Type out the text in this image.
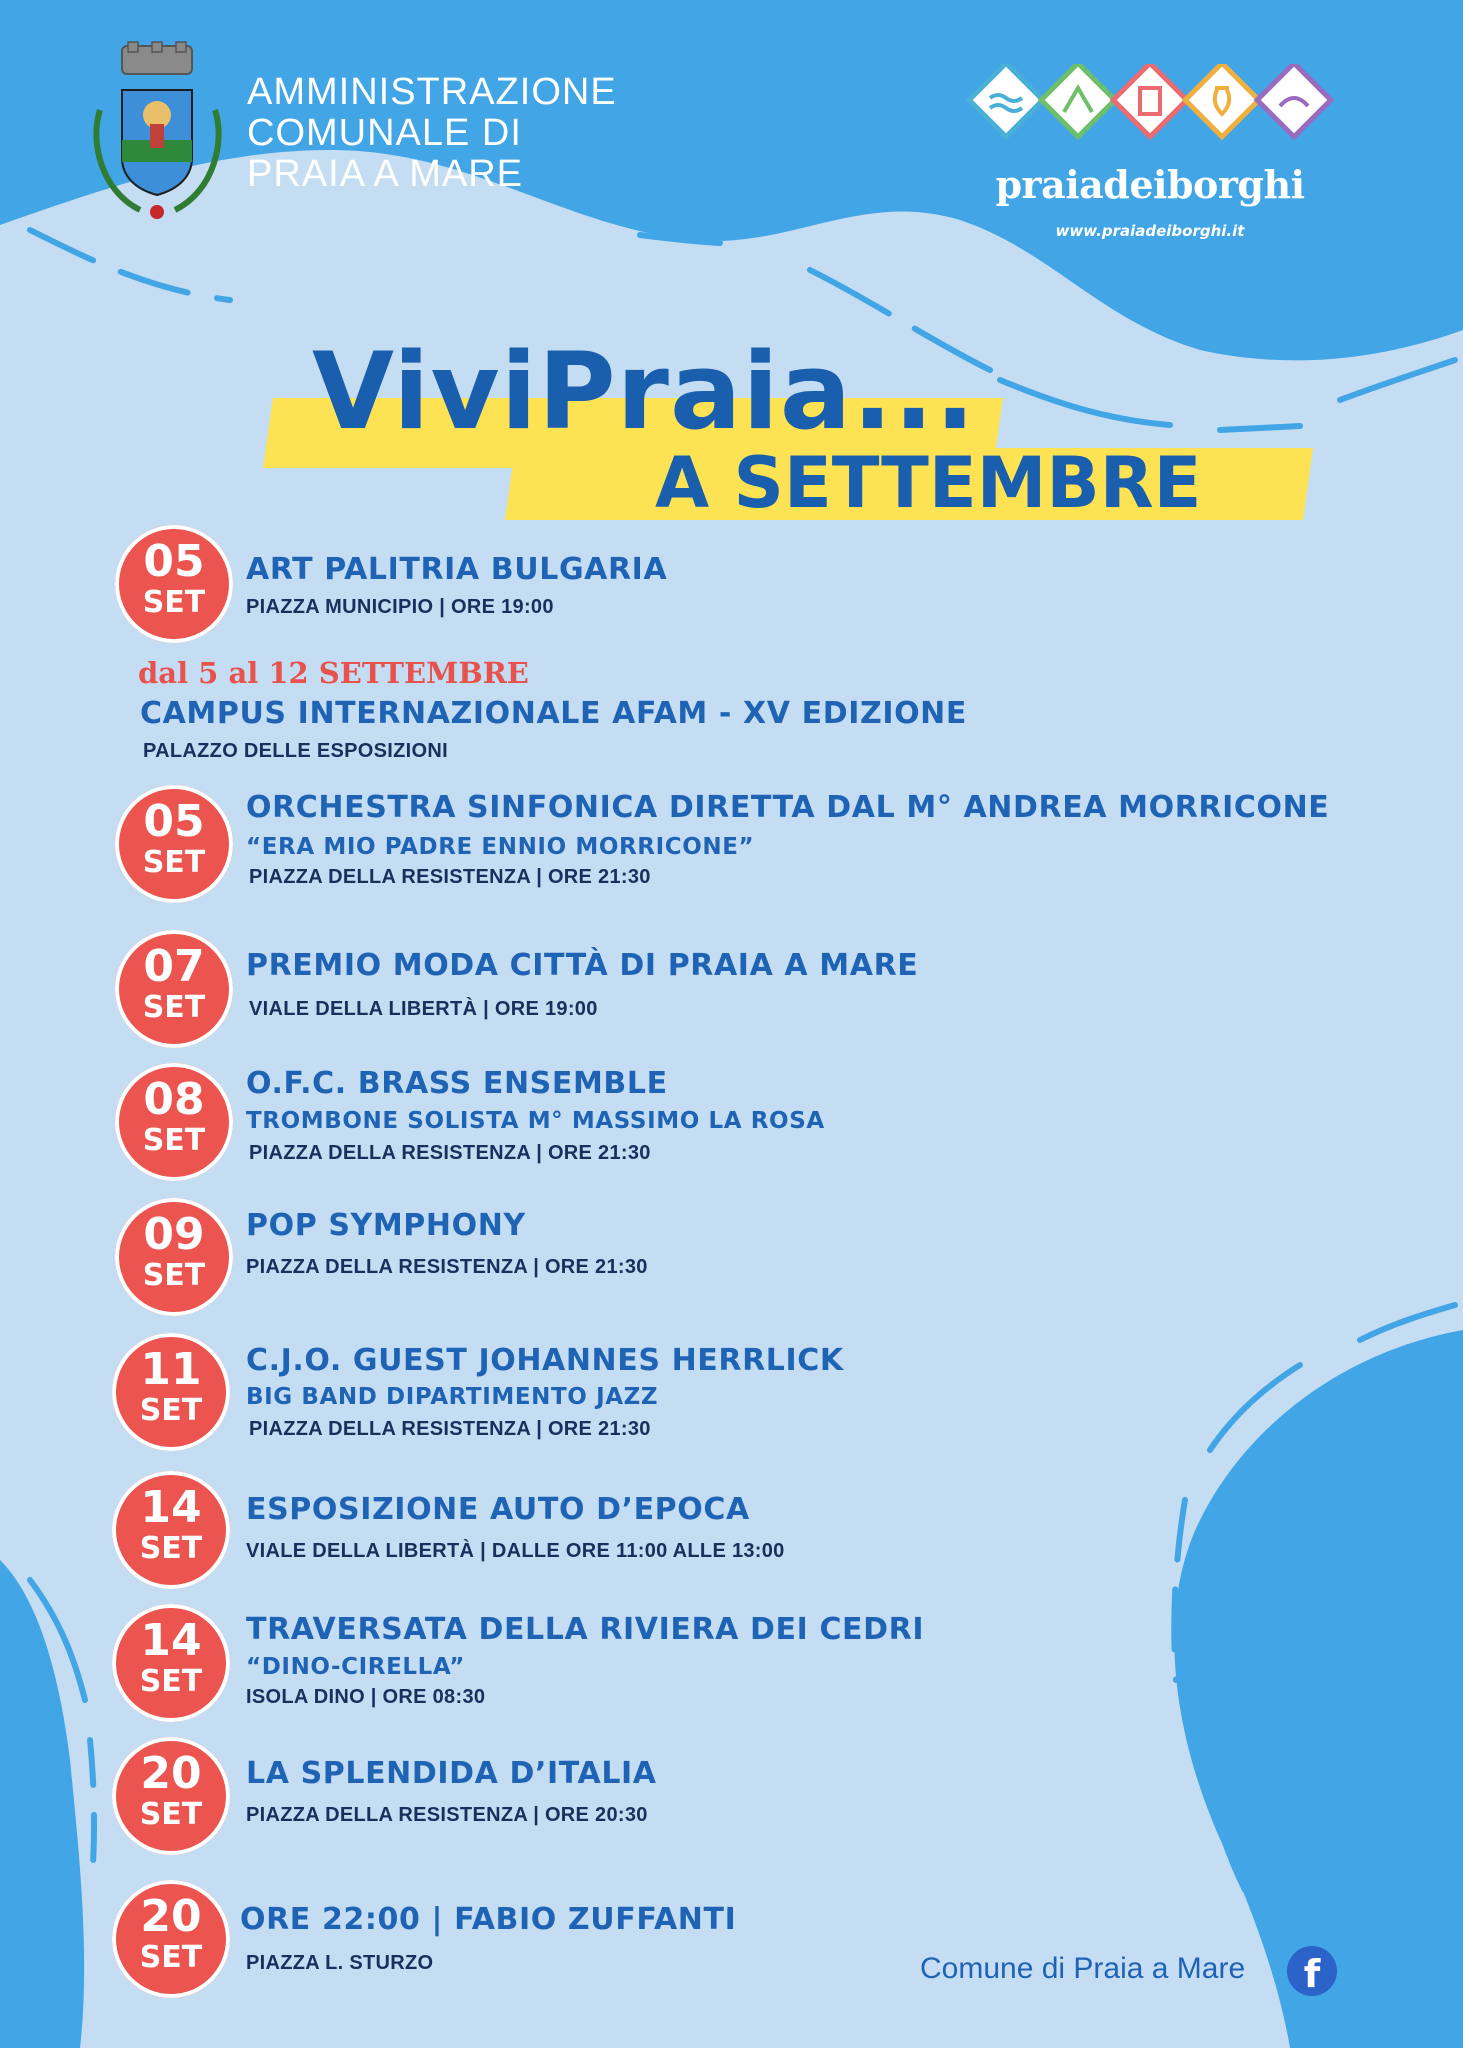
AMMINISTRAZIONE
COMUNALE DI
PRAIA A MARE	praiadeiborghi
www.praiadeiborghi.it
ViviPraia...
A SETTEMBRE
05
SET
ART PALITRIA BULGARIA
PIAZZA MUNICIPIO | ORE 19:00
dal 5 al 12 SETTEMBRE
CAMPUS INTERNAZIONALE AFAM - XV EDIZIONE
PALAZZO DELLE ESPOSIZIONI
05
SET
ORCHESTRA SINFONICA DIRETTA DAL M° ANDREA MORRICONE
“ERA MIO PADRE ENNIO MORRICONE”
PIAZZA DELLA RESISTENZA | ORE 21:30
07
SET
PREMIO MODA CITTÀ DI PRAIA A MARE
VIALE DELLA LIBERTÀ | ORE 19:00
08
SET
O.F.C. BRASS ENSEMBLE
TROMBONE SOLISTA M° MASSIMO LA ROSA
PIAZZA DELLA RESISTENZA | ORE 21:30
09
SET
POP SYMPHONY
PIAZZA DELLA RESISTENZA | ORE 21:30
11
SET
C.J.O. GUEST JOHANNES HERRLICK
BIG BAND DIPARTIMENTO JAZZ
PIAZZA DELLA RESISTENZA | ORE 21:30
14
SET
ESPOSIZIONE AUTO D’EPOCA
VIALE DELLA LIBERTÀ | DALLE ORE 11:00 ALLE 13:00
14
SET
TRAVERSATA DELLA RIVIERA DEI CEDRI
“DINO-CIRELLA”
ISOLA DINO | ORE 08:30
20
SET
LA SPLENDIDA D’ITALIA
PIAZZA DELLA RESISTENZA | ORE 20:30
20
SET
ORE 22:00 | FABIO ZUFFANTI
PIAZZA L. STURZO	Comune di Praia a Mare	f
